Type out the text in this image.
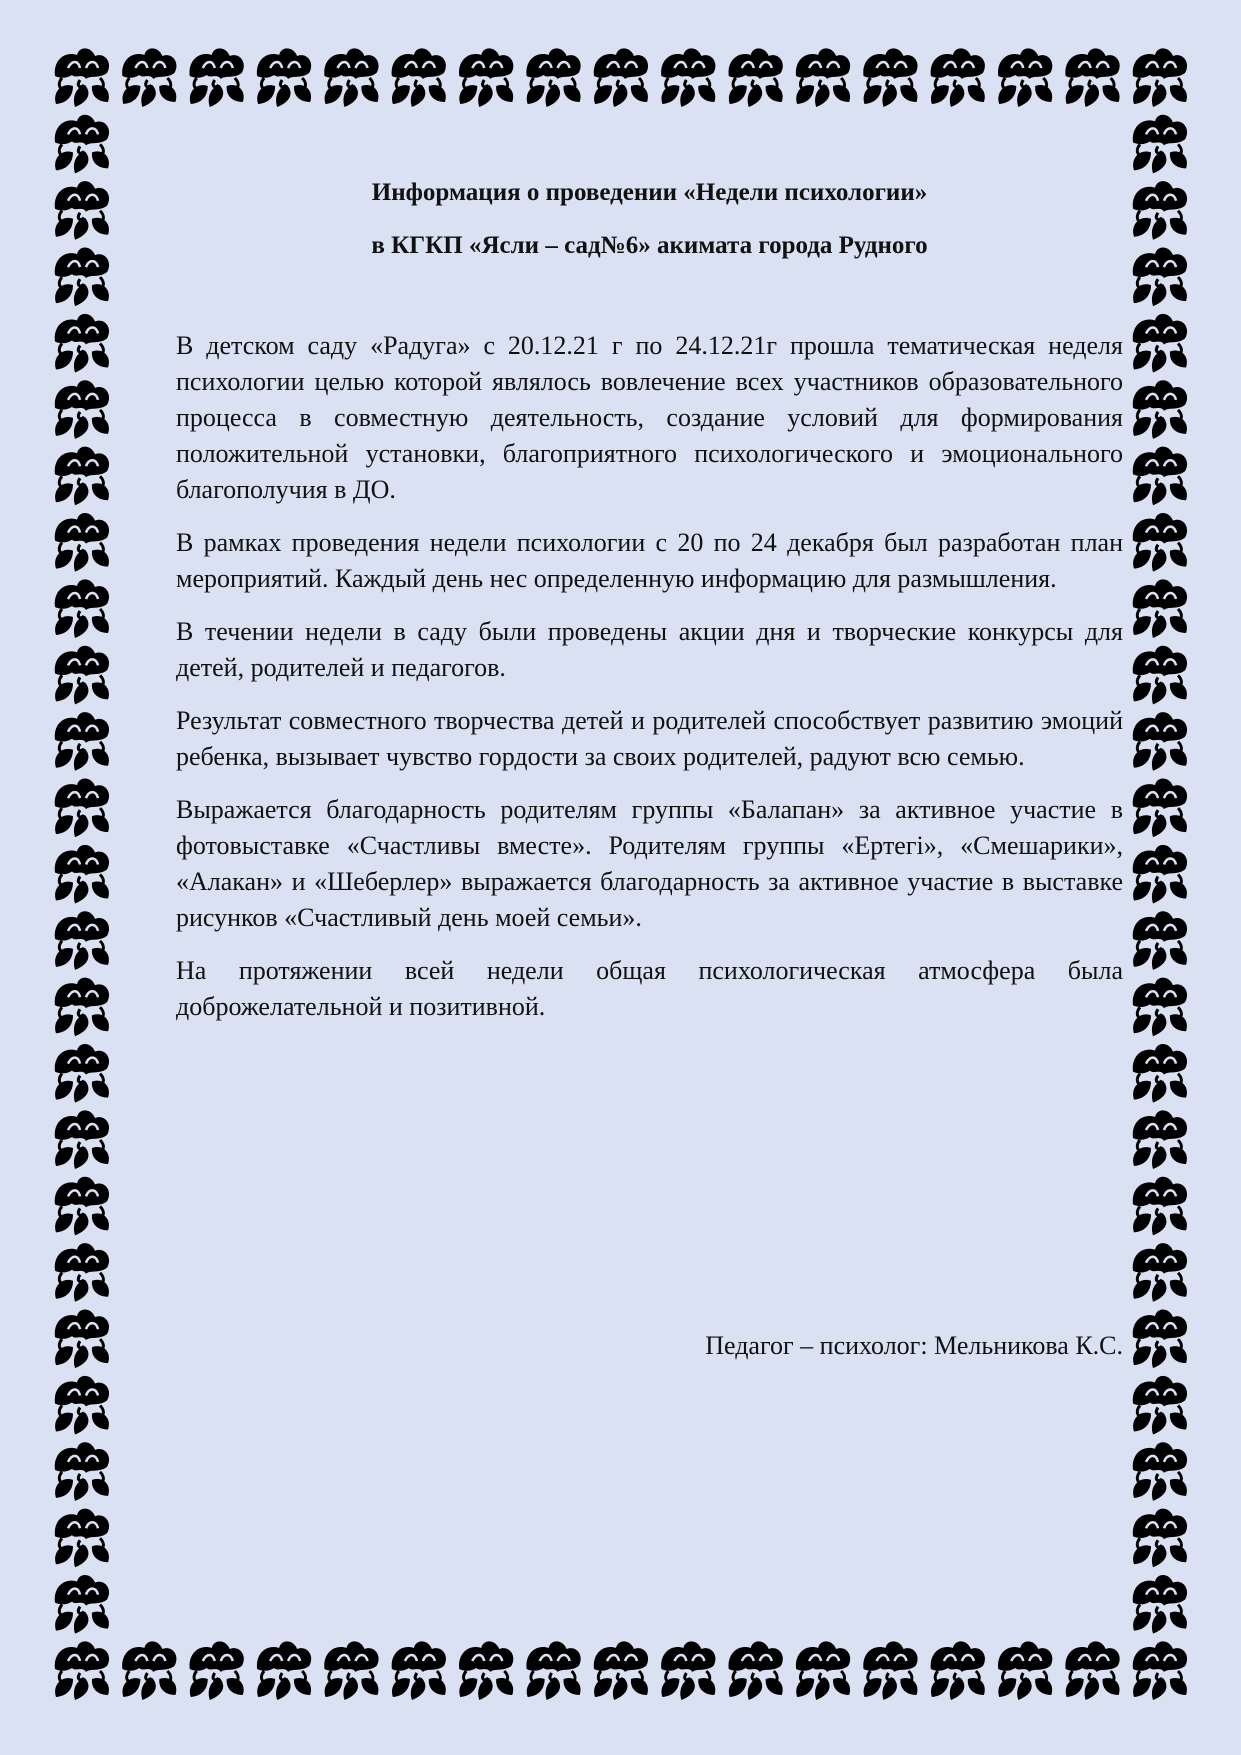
Информация о проведении «Недели психологии»
в КГКП «Ясли – сад№6» акимата города Рудного

В детском саду «Радуга» с 20.12.21 г по 24.12.21г прошла тематическая неделя психологии целью которой являлось вовлечение всех участников образовательного процесса в совместную деятельность, создание условий для формирования положительной установки, благоприятного психологического и эмоционального благополучия в ДО.

В рамках проведения недели психологии с 20 по 24 декабря был разработан план мероприятий. Каждый день нес определенную информацию для размышления.

В течении недели в саду были проведены акции дня и творческие конкурсы для детей, родителей и педагогов.

Результат совместного творчества детей и родителей способствует развитию эмоций ребенка, вызывает чувство гордости за своих родителей, радуют всю семью.

Выражается благодарность родителям группы «Балапан» за активное участие в фотовыставке «Счастливы вместе». Родителям группы «Ертегі», «Смешарики», «Алакан» и «Шеберлер» выражается благодарность за активное участие в выставке рисунков «Счастливый день моей семьи».

На протяжении всей недели общая психологическая атмосфера была доброжелательной и позитивной.

Педагог – психолог: Мельникова К.С.
